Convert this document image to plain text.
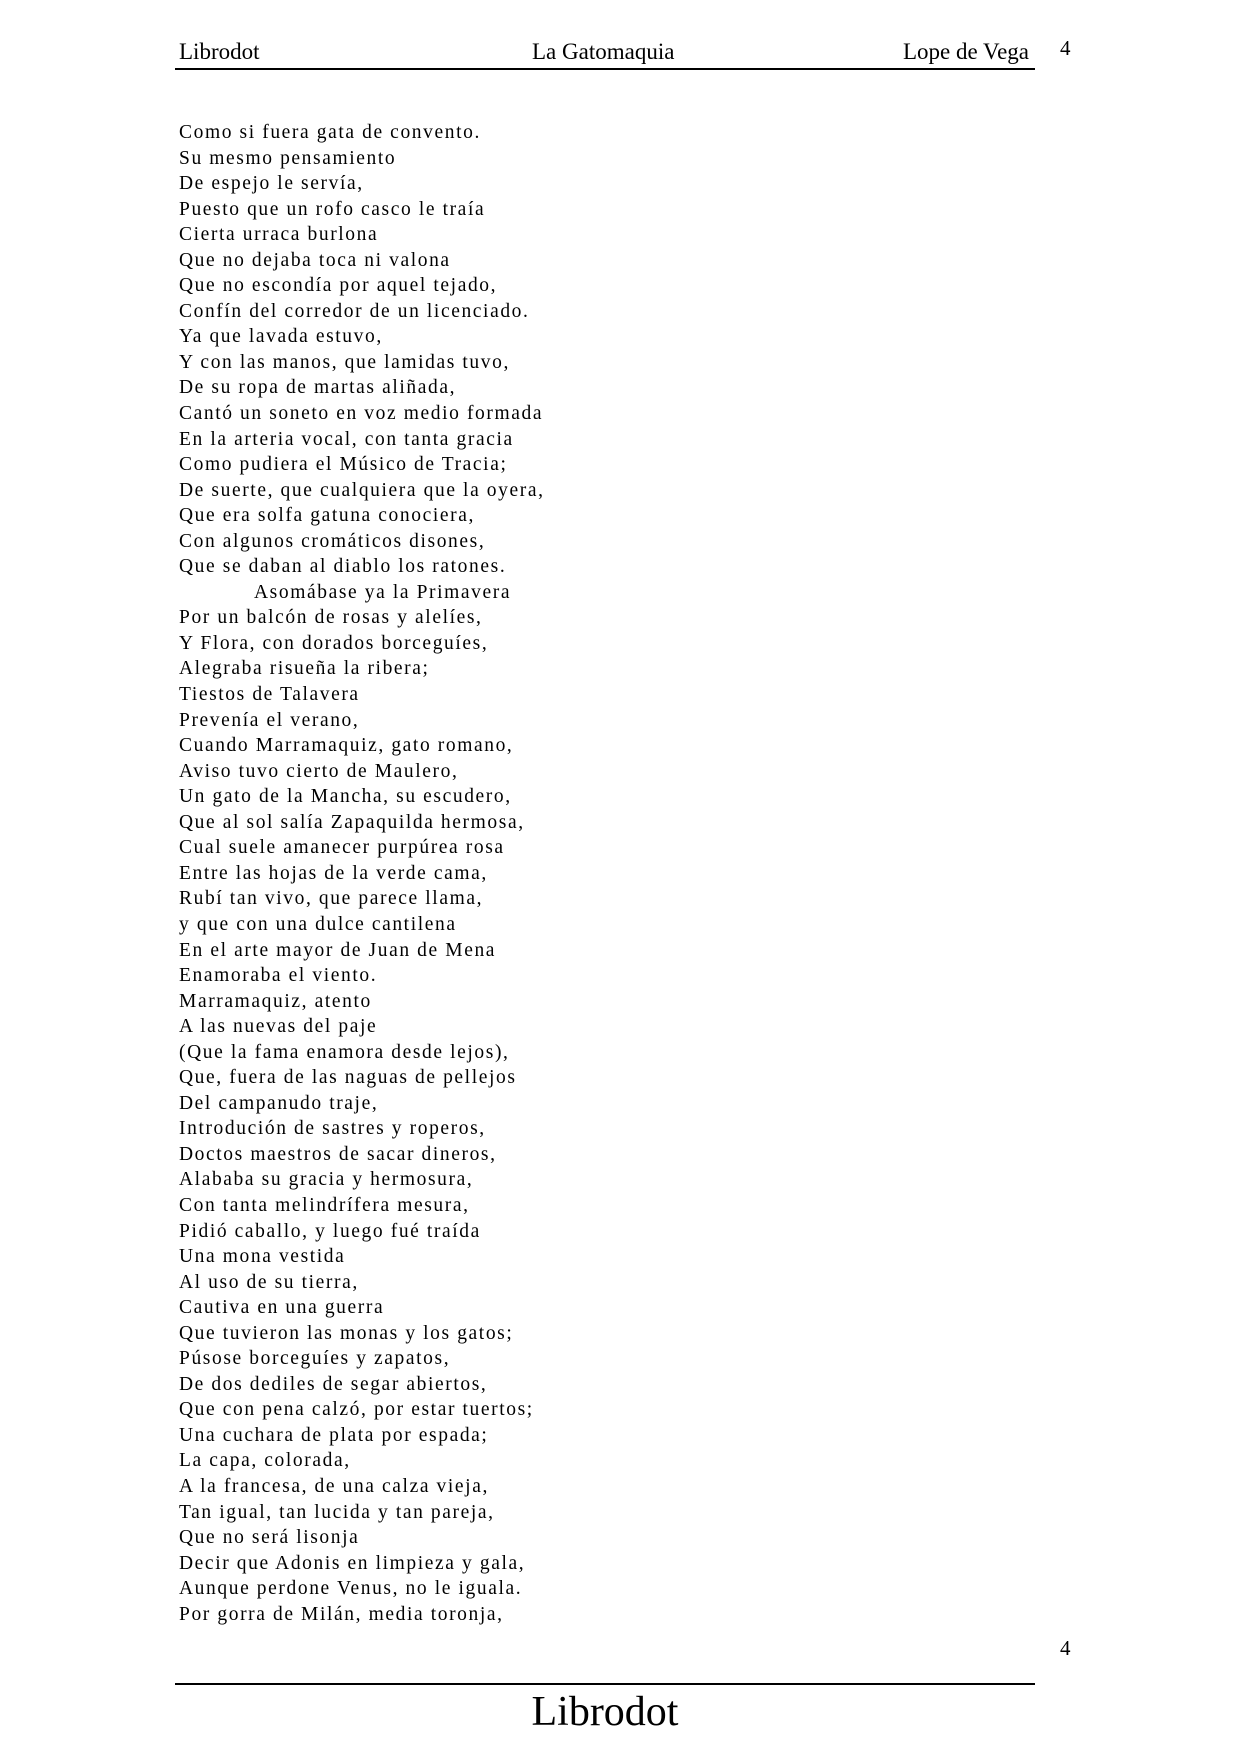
Librodot	La Gatomaquia	Lope de Vega 4
Como si fuera gata de convento.
Su mesmo pensamiento
De espejo le servía,
Puesto que un rofo casco le traía
Cierta urraca burlona
Que no dejaba toca ni valona
Que no escondía por aquel tejado,
Confín del corredor de un licenciado.
Ya que lavada estuvo,
Y con las manos, que lamidas tuvo,
De su ropa de martas aliñada,
Cantó un soneto en voz medio formada
En la arteria vocal, con tanta gracia
Como pudiera el Músico de Tracia;
De suerte, que cualquiera que la oyera,
Que era solfa gatuna conociera,
Con algunos cromáticos disones,
Que se daban al diablo los ratones.
Asomábase ya la Primavera
Por un balcón de rosas y alelíes,
Y Flora, con dorados borceguíes,
Alegraba risueña la ribera;
Tiestos de Talavera
Prevenía el verano,
Cuando Marramaquiz, gato romano,
Aviso tuvo cierto de Maulero,
Un gato de la Mancha, su escudero,
Que al sol salía Zapaquilda hermosa,
Cual suele amanecer purpúrea rosa
Entre las hojas de la verde cama,
Rubí tan vivo, que parece llama,
y que con una dulce cantilena
En el arte mayor de Juan de Mena
Enamoraba el viento.
Marramaquiz, atento
A las nuevas del paje
(Que la fama enamora desde lejos),
Que, fuera de las naguas de pellejos
Del campanudo traje,
Introdución de sastres y roperos,
Doctos maestros de sacar dineros,
Alababa su gracia y hermosura,
Con tanta melindrífera mesura,
Pidió caballo, y luego fué traída
Una mona vestida
Al uso de su tierra,
Cautiva en una guerra
Que tuvieron las monas y los gatos;
Púsose borceguíes y zapatos,
De dos dediles de segar abiertos,
Que con pena calzó, por estar tuertos;
Una cuchara de plata por espada;
La capa, colorada,
A la francesa, de una calza vieja,
Tan igual, tan lucida y tan pareja,
Que no será lisonja
Decir que Adonis en limpieza y gala,
Aunque perdone Venus, no le iguala.
Por gorra de Milán, media toronja,
4
Librodot
